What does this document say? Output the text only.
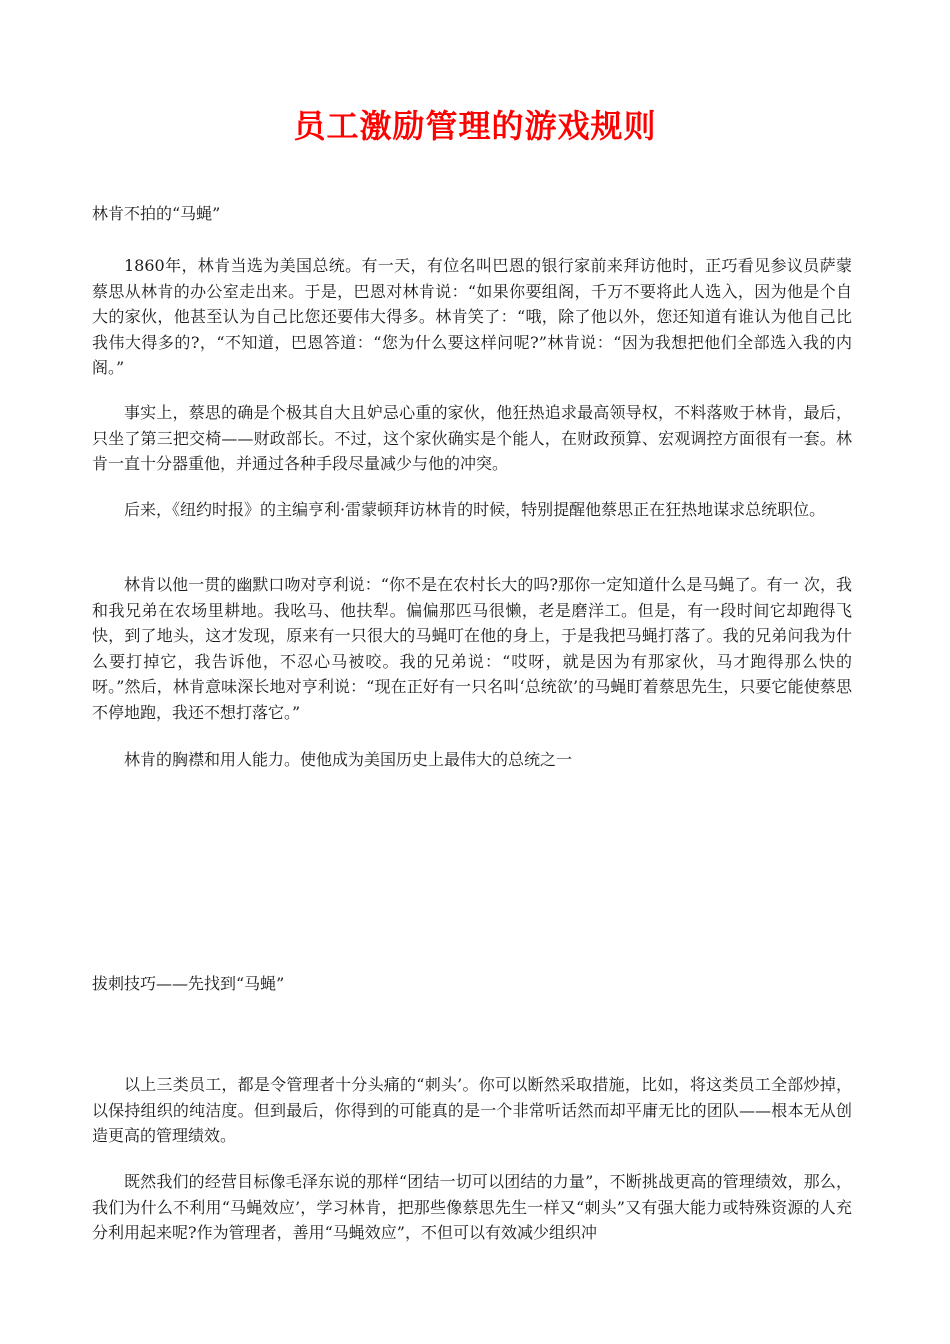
员工激励管理的游戏规则
林肯不拍的“马蝇”

1860年，林肯当选为美国总统。有一天，有位名叫巴恩的银行家前来拜访他时，正巧看见参议员萨蒙蔡思从林肯的办公室走出来。于是，巴恩对林肯说：“如果你要组阁，千万不要将此人选入，因为他是个自大的家伙，他甚至认为自己比您还要伟大得多。林肯笑了：“哦，除了他以外，您还知道有谁认为他自己比我伟大得多的?，“不知道，巴恩答道：“您为什么要这样问呢?”林肯说：“因为我想把他们全部选入我的内阁。”

事实上，蔡思的确是个极其自大且妒忌心重的家伙，他狂热追求最高领导权，不料落败于林肯，最后，只坐了第三把交椅——财政部长。不过，这个家伙确实是个能人，在财政预算、宏观调控方面很有一套。林肯一直十分器重他，并通过各种手段尽量减少与他的冲突。

后来，《纽约时报》的主编亨利·雷蒙顿拜访林肯的时候，特别提醒他蔡思正在狂热地谋求总统职位。

林肯以他一贯的幽默口吻对亨利说：“你不是在农村长大的吗?那你一定知道什么是马蝇了。有一 次，我和我兄弟在农场里耕地。我吆马、他扶犁。偏偏那匹马很懒，老是磨洋工。但是，有一段时间它却跑得飞快，到了地头，这才发现，原来有一只很大的马蝇叮在他的身上，于是我把马蝇打落了。我的兄弟问我为什么要打掉它，我告诉他，不忍心马被咬。我的兄弟说：“哎呀，就是因为有那家伙，马才跑得那么快的呀。”然后，林肯意味深长地对亨利说：“现在正好有一只名叫‘总统欲’的马蝇盯着蔡思先生，只要它能使蔡思不停地跑，我还不想打落它。”

林肯的胸襟和用人能力。使他成为美国历史上最伟大的总统之一

拔刺技巧——先找到“马蝇”

以上三类员工，都是令管理者十分头痛的“刺头’。你可以断然采取措施，比如，将这类员工全部炒掉，以保持组织的纯洁度。但到最后，你得到的可能真的是一个非常听话然而却平庸无比的团队——根本无从创造更高的管理绩效。

既然我们的经营目标像毛泽东说的那样“团结一切可以团结的力量”，不断挑战更高的管理绩效，那么，我们为什么不利用“马蝇效应’，学习林肯，把那些像蔡思先生一样又“刺头”又有强大能力或特殊资源的人充分利用起来呢?作为管理者，善用“马蝇效应”，不但可以有效减少组织冲
